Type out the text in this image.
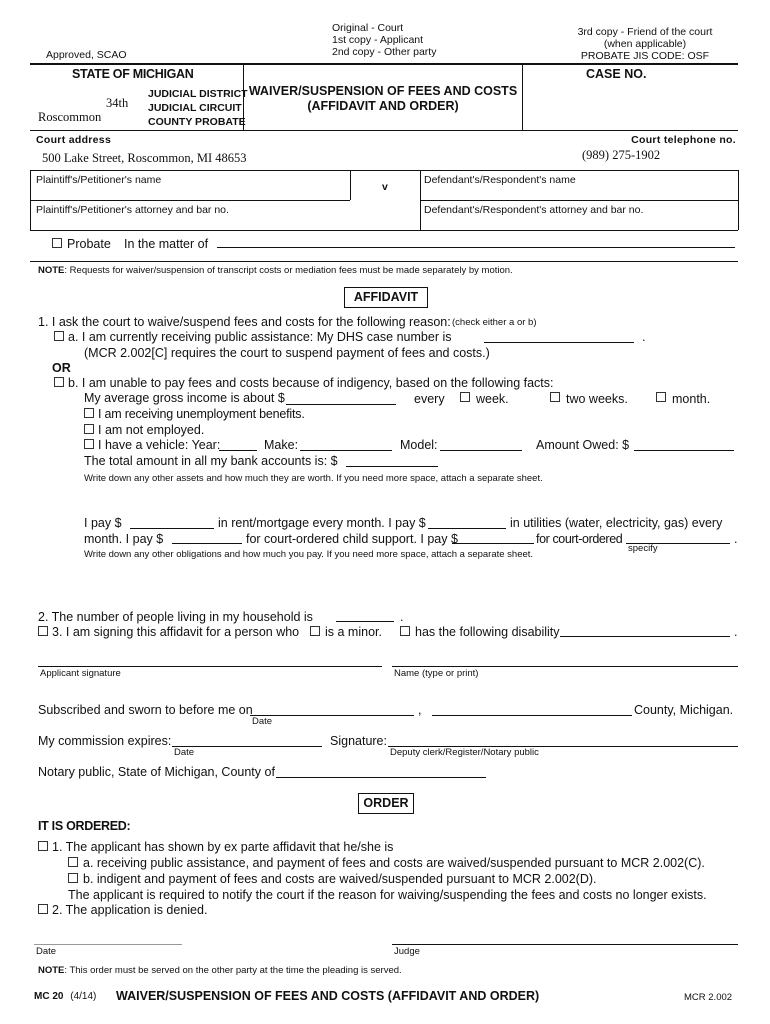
Original - Court
1st copy - Applicant
2nd copy - Other party
3rd copy - Friend of the court
(when applicable)
PROBATE JIS CODE: OSF
Approved, SCAO
STATE OF MICHIGAN
34th
Roscommon
JUDICIAL DISTRICT
JUDICIAL CIRCUIT
COUNTY PROBATE
WAIVER/SUSPENSION OF FEES AND COSTS
(AFFIDAVIT AND ORDER)
CASE NO.
Court address	Court telephone no.
500 Lake Street, Roscommon, MI 48653	(989) 275-1902
Plaintiff's/Petitioner's name
v
Defendant's/Respondent's name
Plaintiff's/Petitioner's attorney and bar no.	Defendant's/Respondent's attorney and bar no.
Probate In the matter of
NOTE: Requests for waiver/suspension of transcript costs or mediation fees must be made separately by motion.
AFFIDAVIT
1. I ask the court to waive/suspend fees and costs for the following reason: (check either a or b)
a. I am currently receiving public assistance: My DHS case number is	.
(MCR 2.002[C] requires the court to suspend payment of fees and costs.)
OR
b. I am unable to pay fees and costs because of indigency, based on the following facts:
My average gross income is about $	every	week.	two weeks.	month.
I am receiving unemployment benefits.
I am not employed.
I have a vehicle: Year:	Make:	Model:	Amount Owed: $
The total amount in all my bank accounts is: $
Write down any other assets and how much they are worth. If you need more space, attach a separate sheet.
I pay $	in rent/mortgage every month. I pay $	in utilities (water, electricity, gas) every
month. I pay $	for court-ordered child support. I pay $	for court-ordered	.
specify
Write down any other obligations and how much you pay. If you need more space, attach a separate sheet.
2. The number of people living in my household is	.
3. I am signing this affidavit for a person who is a minor.	has the following disability	.
Applicant signature	Name (type or print)
Subscribed and sworn to before me on
Date
,	County, Michigan.
My commission expires:
Date
Signature:
Deputy clerk/Register/Notary public
Notary public, State of Michigan, County of
ORDER
IT IS ORDERED:
1. The applicant has shown by ex parte affidavit that he/she is
a. receiving public assistance, and payment of fees and costs are waived/suspended pursuant to MCR 2.002(C).
b. indigent and payment of fees and costs are waived/suspended pursuant to MCR 2.002(D).
The applicant is required to notify the court if the reason for waiving/suspending the fees and costs no longer exists.
2. The application is denied.
Date	Judge
NOTE: This order must be served on the other party at the time the pleading is served.
MC 20 (4/14) WAIVER/SUSPENSION OF FEES AND COSTS (AFFIDAVIT AND ORDER)	MCR 2.002
